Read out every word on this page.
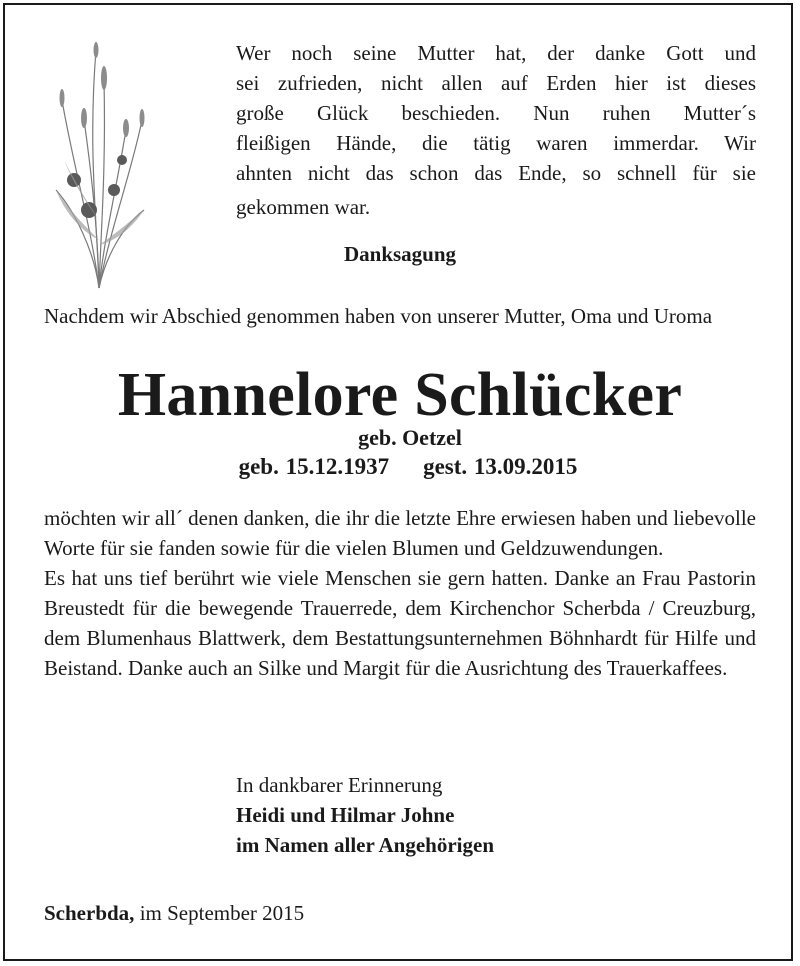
Wer noch seine Mutter hat, der danke Gott und
sei zufrieden, nicht allen auf Erden hier ist dieses
große Glück beschieden. Nun ruhen Mutter´s
fleißigen Hände, die tätig waren immerdar. Wir
ahnten nicht das schon das Ende, so schnell für sie
gekommen war.
Danksagung
Nachdem wir Abschied genommen haben von unserer Mutter, Oma und Uroma
Hannelore Schlücker
geb. Oetzel
geb. 15.12.1937 gest. 13.09.2015

möchten wir all´ denen danken, die ihr die letzte Ehre erwiesen haben und liebevolle Worte für sie fanden sowie für die vielen Blumen und Geldzuwendungen.

Es hat uns tief berührt wie viele Menschen sie gern hatten. Danke an Frau Pastorin Breustedt für die bewegende Trauerrede, dem Kirchenchor Scherbda / Creuzburg, dem Blumenhaus Blattwerk, dem Bestattungsunternehmen Böhnhardt für Hilfe und Beistand. Danke auch an Silke und Margit für die Ausrichtung des Trauerkaffees.

In dankbarer Erinnerung
Heidi und Hilmar Johne
im Namen aller Angehörigen
Scherbda, im September 2015
